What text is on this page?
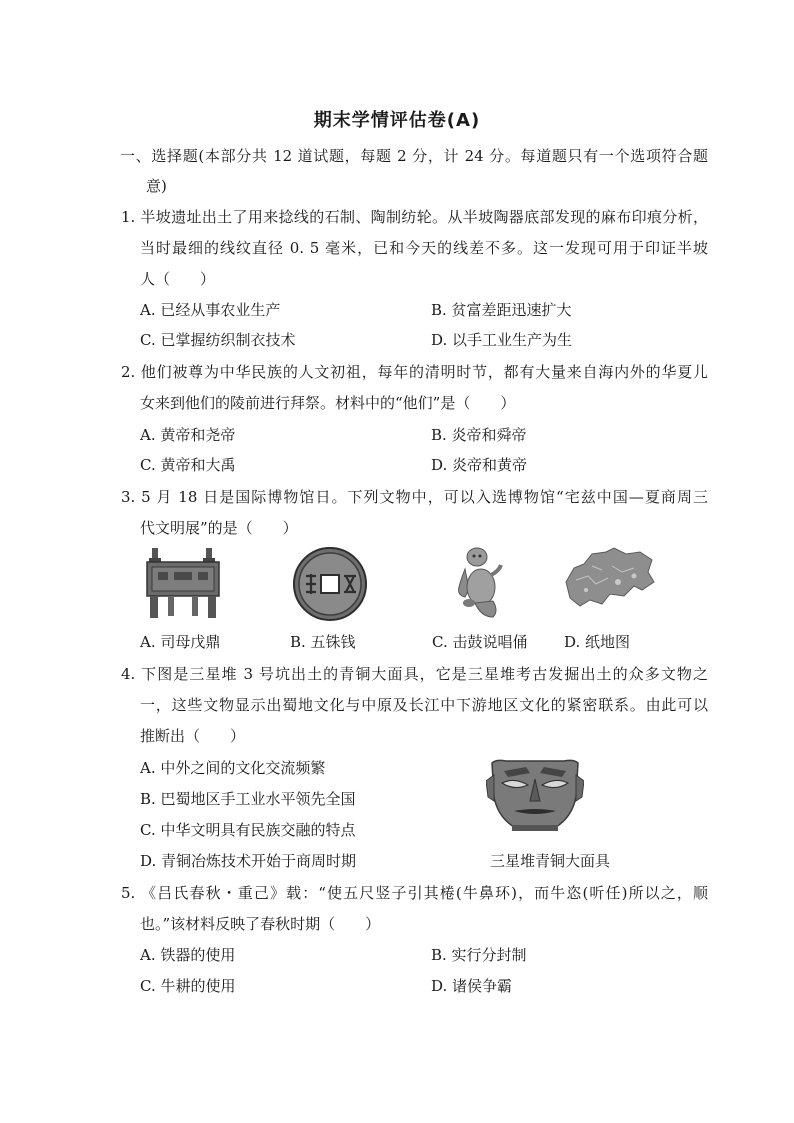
期末学情评估卷(A)
一、选择题(本部分共 12 道试题，每题 2 分，计 24 分。每道题只有一个选项符合题
意)
1. 半坡遗址出土了用来捻线的石制、陶制纺轮。从半坡陶器底部发现的麻布印痕分析，
当时最细的线纹直径 0. 5 毫米，已和今天的线差不多。这一发现可用于印证半坡
人（　　）
A. 已经从事农业生产	B. 贫富差距迅速扩大
C. 已掌握纺织制衣技术	D. 以手工业生产为生
2. 他们被尊为中华民族的人文初祖，每年的清明时节，都有大量来自海内外的华夏儿
女来到他们的陵前进行拜祭。材料中的“他们”是（　　）
A. 黄帝和尧帝	B. 炎帝和舜帝
C. 黄帝和大禹	D. 炎帝和黄帝
3. 5 月 18 日是国际博物馆日。下列文物中，可以入选博物馆“宅兹中国—夏商周三
代文明展”的是（　　）
A. 司母戊鼎	B. 五铢钱	C. 击鼓说唱俑 D. 纸地图
4. 下图是三星堆 3 号坑出土的青铜大面具，它是三星堆考古发掘出土的众多文物之
一，这些文物显示出蜀地文化与中原及长江中下游地区文化的紧密联系。由此可以
推断出（　　）
A. 中外之间的文化交流频繁
B. 巴蜀地区手工业水平领先全国
C. 中华文明具有民族交融的特点
D. 青铜冶炼技术开始于商周时期	三星堆青铜大面具
5. 《吕氏春秋・重己》载：“使五尺竖子引其棬(牛鼻环)，而牛恣(听任)所以之，顺
也。”该材料反映了春秋时期（　　）
A. 铁器的使用	B. 实行分封制
C. 牛耕的使用	D. 诸侯争霸
